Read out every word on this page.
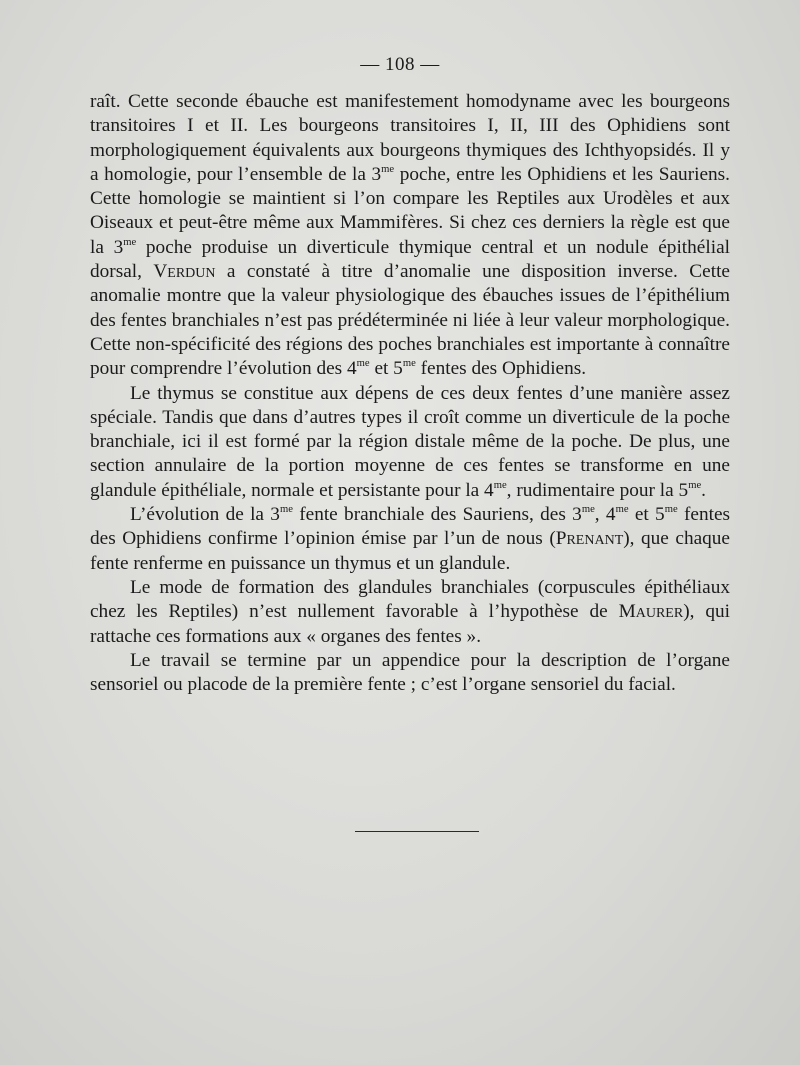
— 108 —

raît. Cette seconde ébauche est manifestement homodyname avec les bourgeons transitoires I et II. Les bourgeons transitoires I, II, III des Ophidiens sont morphologiquement équivalents aux bourgeons thymiques des Ichthyopsidés. Il y a homologie, pour l’ensemble de la $3^{me}$ poche, entre les Ophidiens et les Sauriens. Cette homologie se maintient si l’on compare les Reptiles aux Urodèles et aux Oiseaux et peut-être même aux Mammifères. Si chez ces derniers la règle est que la $3^{me}$ poche produise un diverticule thymique central et un nodule épithélial dorsal, Verdun a constaté à titre d’anomalie une disposition inverse. Cette anomalie montre que la valeur physiologique des ébauches issues de l’épithélium des fentes branchiales n’est pas prédéterminée ni liée à leur valeur morphologique. Cette non-spécificité des régions des poches branchiales est importante à connaître pour comprendre l’évolution des $4^{me}$ et $5^{me}$ fentes des Ophidiens.

Le thymus se constitue aux dépens de ces deux fentes d’une manière assez spéciale. Tandis que dans d’autres types il croît comme un diverticule de la poche branchiale, ici il est formé par la région distale même de la poche. De plus, une section annulaire de la portion moyenne de ces fentes se transforme en une glandule épithéliale, normale et persistante pour la $4^{me}$, rudimentaire pour la $5^{me}$.

L’évolution de la $3^{me}$ fente branchiale des Sauriens, des $3^{me}$, $4^{me}$ et $5^{me}$ fentes des Ophidiens confirme l’opinion émise par l’un de nous (Prenant), que chaque fente renferme en puissance un thymus et un glandule.

Le mode de formation des glandules branchiales (corpuscules épithéliaux chez les Reptiles) n’est nullement favorable à l’hypothèse de Maurer), qui rattache ces formations aux « organes des fentes ».

Le travail se termine par un appendice pour la description de l’organe sensoriel ou placode de la première fente ; c’est l’organe sensoriel du facial.
